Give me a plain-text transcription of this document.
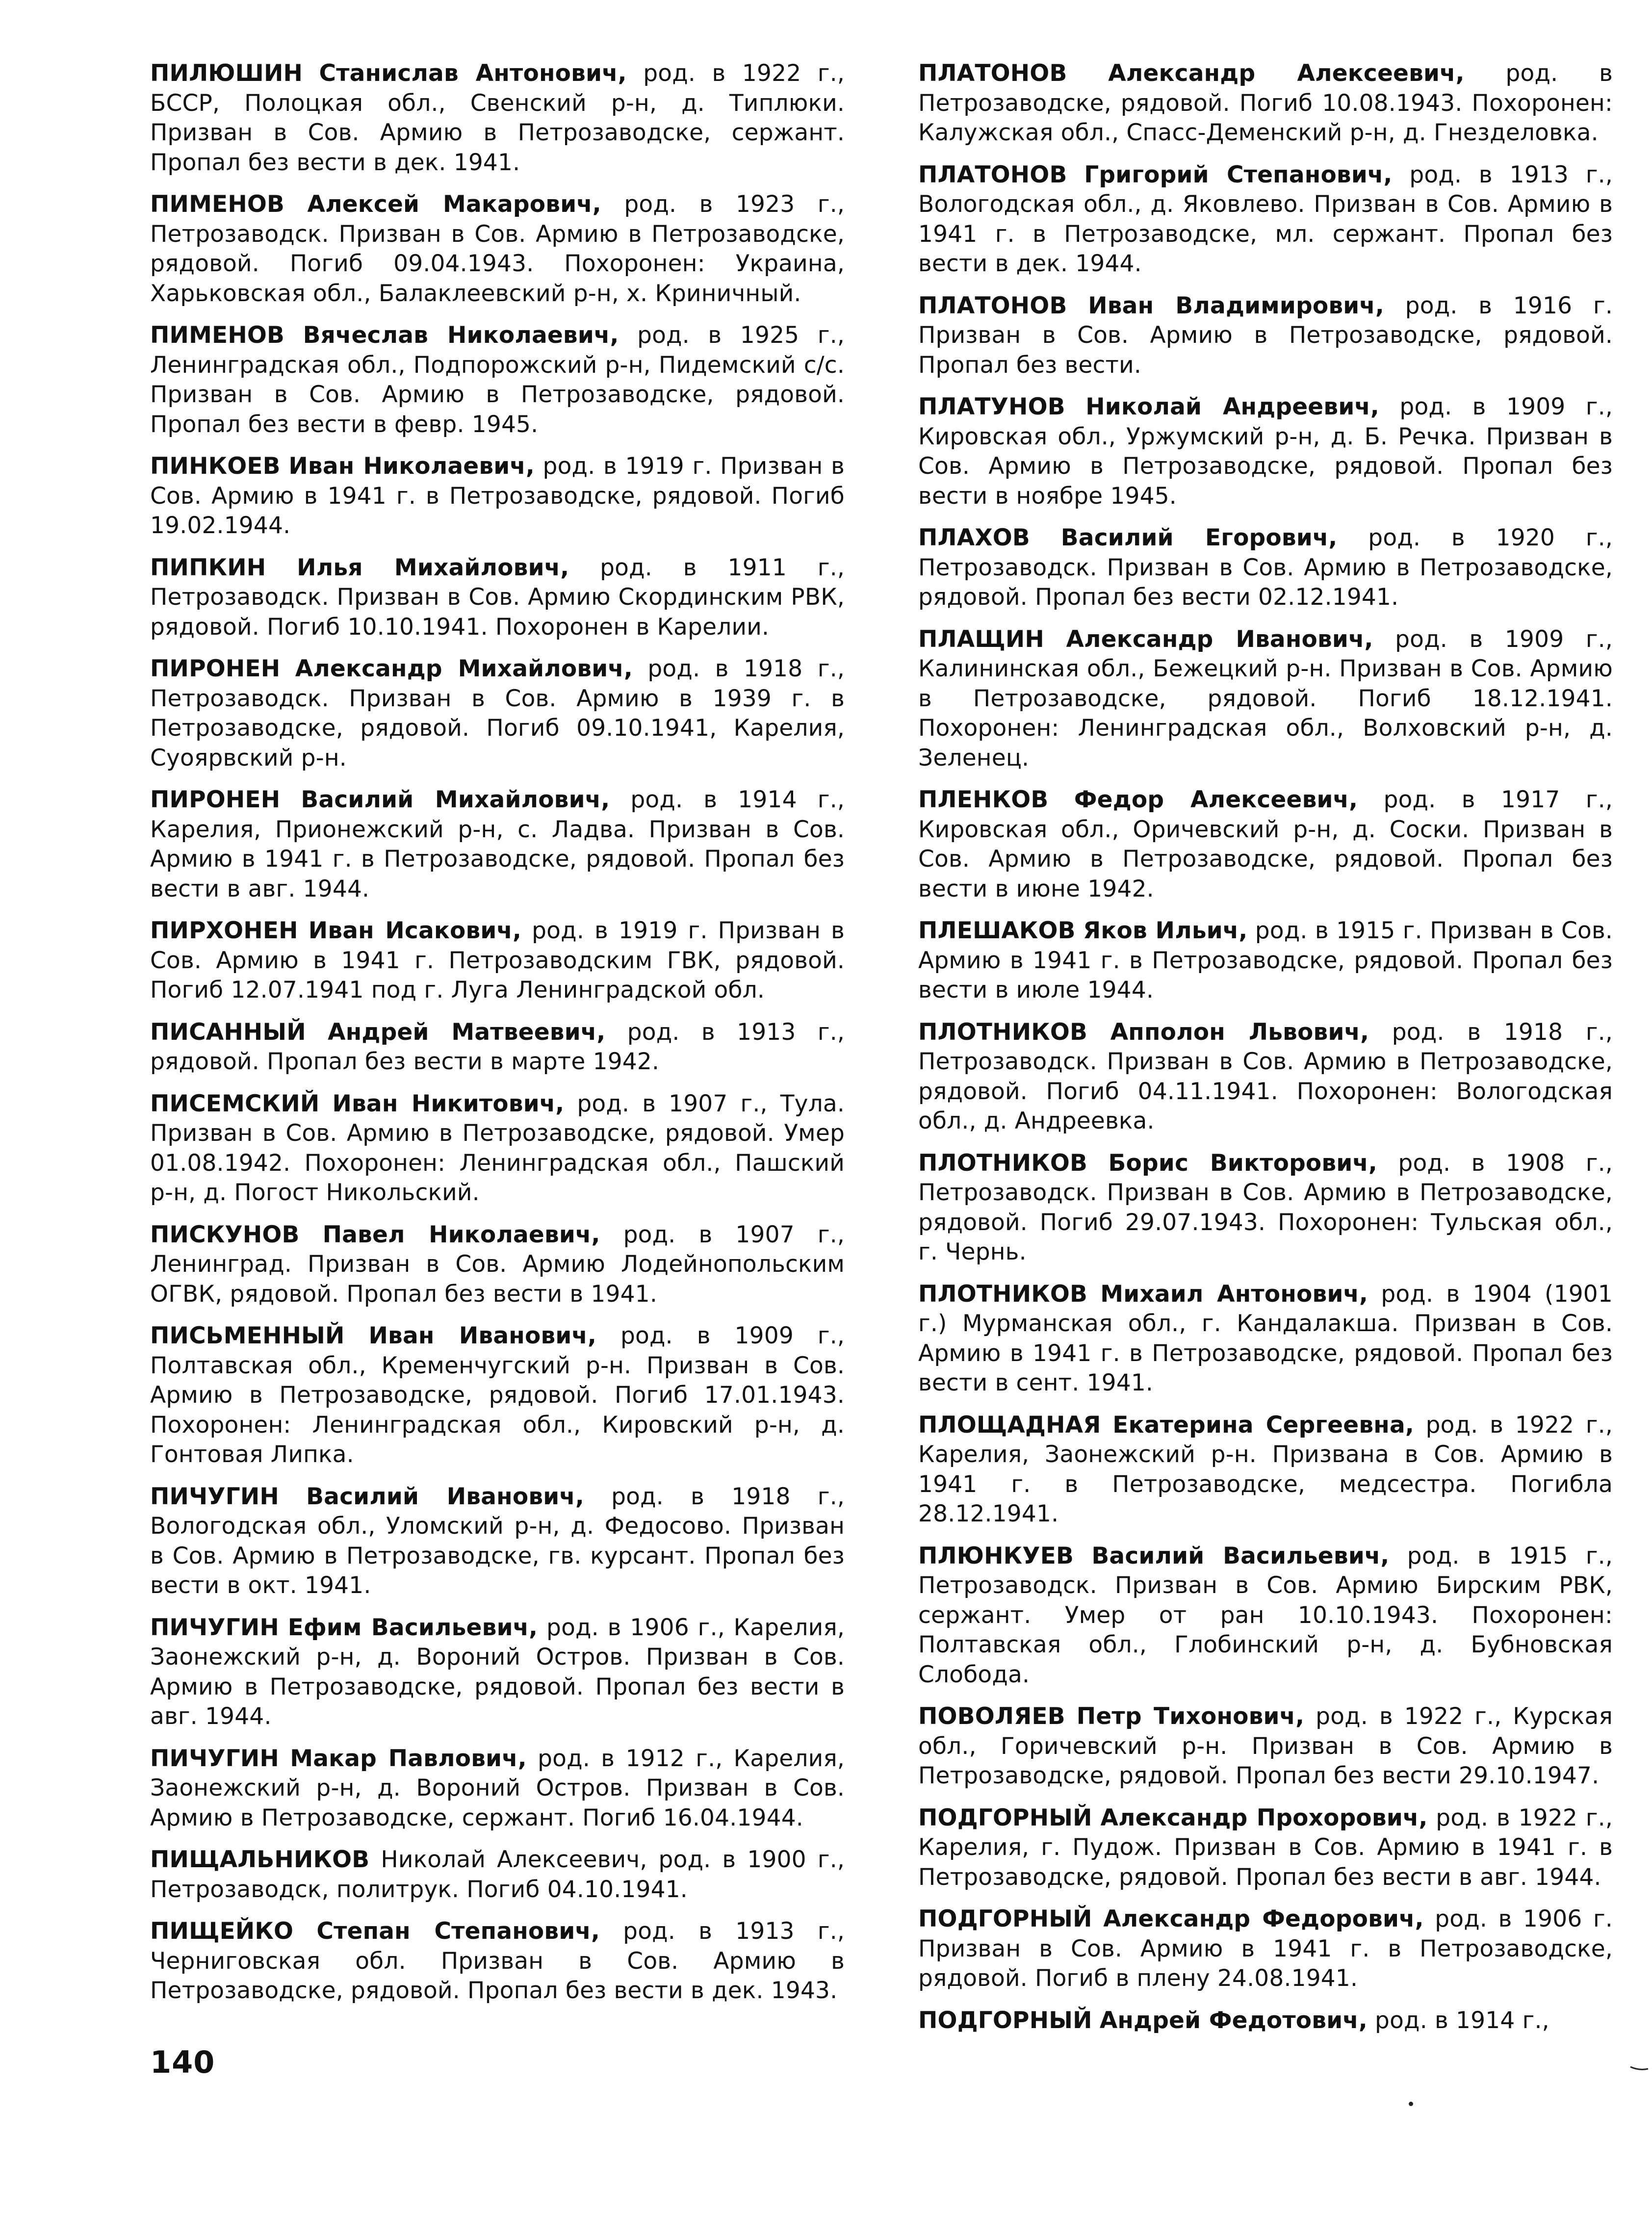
ПИЛЮШИН Станислав Антонович, род. в 1922 г., БССР, Полоцкая обл., Свенский р-н, д. Типлюки. Призван в Сов. Армию в Петрозаводске, сержант. Пропал без вести в дек. 1941.

ПИМЕНОВ Алексей Макарович, род. в 1923 г., Петрозаводск. Призван в Сов. Армию в Петрозаводске, рядовой. Погиб 09.04.1943. Похоронен: Украина, Харьковская обл., Балаклеевский р-н, х. Криничный.

ПИМЕНОВ Вячеслав Николаевич, род. в 1925 г., Ленинградская обл., Подпорожский р-н, Пидемский с/с. Призван в Сов. Армию в Петрозаводске, рядовой. Пропал без вести в февр. 1945.

ПИНКОЕВ Иван Николаевич, род. в 1919 г. Призван в Сов. Армию в 1941 г. в Петрозаводске, рядовой. Погиб 19.02.1944.

ПИПКИН Илья Михайлович, род. в 1911 г., Петрозаводск. Призван в Сов. Армию Скординским РВК, рядовой. Погиб 10.10.1941. Похоронен в Карелии.

ПИРОНЕН Александр Михайлович, род. в 1918 г., Петрозаводск. Призван в Сов. Армию в 1939 г. в Петрозаводске, рядовой. Погиб 09.10.1941, Карелия, Суоярвский р-н.

ПИРОНЕН Василий Михайлович, род. в 1914 г., Карелия, Прионежский р-н, с. Ладва. Призван в Сов. Армию в 1941 г. в Петрозаводске, рядовой. Пропал без вести в авг. 1944.

ПИРХОНЕН Иван Исакович, род. в 1919 г. Призван в Сов. Армию в 1941 г. Петрозаводским ГВК, рядовой. Погиб 12.07.1941 под г. Луга Ленинградской обл.

ПИСАННЫЙ Андрей Матвеевич, род. в 1913 г., рядовой. Пропал без вести в марте 1942.

ПИСЕМСКИЙ Иван Никитович, род. в 1907 г., Тула. Призван в Сов. Армию в Петрозаводске, рядовой. Умер 01.08.1942. Похоронен: Ленинградская обл., Пашский р-н, д. Погост Никольский.

ПИСКУНОВ Павел Николаевич, род. в 1907 г., Ленинград. Призван в Сов. Армию Лодейнопольским ОГВК, рядовой. Пропал без вести в 1941.

ПИСЬМЕННЫЙ Иван Иванович, род. в 1909 г., Полтавская обл., Кременчугский р-н. Призван в Сов. Армию в Петрозаводске, рядовой. Погиб 17.01.1943. Похоронен: Ленинградская обл., Кировский р-н, д. Гонтовая Липка.

ПИЧУГИН Василий Иванович, род. в 1918 г., Вологодская обл., Уломский р-н, д. Федосово. Призван в Сов. Армию в Петрозаводске, гв. курсант. Пропал без вести в окт. 1941.

ПИЧУГИН Ефим Васильевич, род. в 1906 г., Карелия, Заонежский р-н, д. Вороний Остров. Призван в Сов. Армию в Петрозаводске, рядовой. Пропал без вести в авг. 1944.

ПИЧУГИН Макар Павлович, род. в 1912 г., Карелия, Заонежский р-н, д. Вороний Остров. Призван в Сов. Армию в Петрозаводске, сержант. Погиб 16.04.1944.

ПИЩАЛЬНИКОВ Николай Алексеевич, род. в 1900 г., Петрозаводск, политрук. Погиб 04.10.1941.

ПИЩЕЙКО Степан Степанович, род. в 1913 г., Черниговская обл. Призван в Сов. Армию в Петрозаводске, рядовой. Пропал без вести в дек. 1943.

ПЛАТОНОВ Александр Алексеевич, род. в Петрозаводске, рядовой. Погиб 10.08.1943. Похоронен: Калужская обл., Спасс-Деменский р-н, д. Гнезделовка.

ПЛАТОНОВ Григорий Степанович, род. в 1913 г., Вологодская обл., д. Яковлево. Призван в Сов. Армию в 1941 г. в Петрозаводске, мл. сержант. Пропал без вести в дек. 1944.

ПЛАТОНОВ Иван Владимирович, род. в 1916 г. Призван в Сов. Армию в Петрозаводске, рядовой. Пропал без вести.

ПЛАТУНОВ Николай Андреевич, род. в 1909 г., Кировская обл., Уржумский р-н, д. Б. Речка. Призван в Сов. Армию в Петрозаводске, рядовой. Пропал без вести в ноябре 1945.

ПЛАХОВ Василий Егорович, род. в 1920 г., Петрозаводск. Призван в Сов. Армию в Петрозаводске, рядовой. Пропал без вести 02.12.1941.

ПЛАЩИН Александр Иванович, род. в 1909 г., Калининская обл., Бежецкий р-н. Призван в Сов. Армию в Петрозаводске, рядовой. Погиб 18.12.1941. Похоронен: Ленинградская обл., Волховский р-н, д. Зеленец.

ПЛЕНКОВ Федор Алексеевич, род. в 1917 г., Кировская обл., Оричевский р-н, д. Соски. Призван в Сов. Армию в Петрозаводске, рядовой. Пропал без вести в июне 1942.

ПЛЕШАКОВ Яков Ильич, род. в 1915 г. Призван в Сов. Армию в 1941 г. в Петрозаводске, рядовой. Пропал без вести в июле 1944.

ПЛОТНИКОВ Апполон Львович, род. в 1918 г., Петрозаводск. Призван в Сов. Армию в Петрозаводске, рядовой. Погиб 04.11.1941. Похоронен: Вологодская обл., д. Андреевка.

ПЛОТНИКОВ Борис Викторович, род. в 1908 г., Петрозаводск. Призван в Сов. Армию в Петрозаводске, рядовой. Погиб 29.07.1943. Похоронен: Тульская обл., г. Чернь.

ПЛОТНИКОВ Михаил Антонович, род. в 1904 (1901 г.) Мурманская обл., г. Кандалакша. Призван в Сов. Армию в 1941 г. в Петрозаводске, рядовой. Пропал без вести в сент. 1941.

ПЛОЩАДНАЯ Екатерина Сергеевна, род. в 1922 г., Карелия, Заонежский р-н. Призвана в Сов. Армию в 1941 г. в Петрозаводске, медсестра. Погибла 28.12.1941.

ПЛЮНКУЕВ Василий Васильевич, род. в 1915 г., Петрозаводск. Призван в Сов. Армию Бирским РВК, сержант. Умер от ран 10.10.1943. Похоронен: Полтавская обл., Глобинский р-н, д. Бубновская Слобода.

ПОВОЛЯЕВ Петр Тихонович, род. в 1922 г., Курская обл., Горичевский р-н. Призван в Сов. Армию в Петрозаводске, рядовой. Пропал без вести 29.10.1947.

ПОДГОРНЫЙ Александр Прохорович, род. в 1922 г., Карелия, г. Пудож. Призван в Сов. Армию в 1941 г. в Петрозаводске, рядовой. Пропал без вести в авг. 1944.

ПОДГОРНЫЙ Александр Федорович, род. в 1906 г. Призван в Сов. Армию в 1941 г. в Петрозаводске, рядовой. Погиб в плену 24.08.1941.

ПОДГОРНЫЙ Андрей Федотович, род. в 1914 г.,

140
